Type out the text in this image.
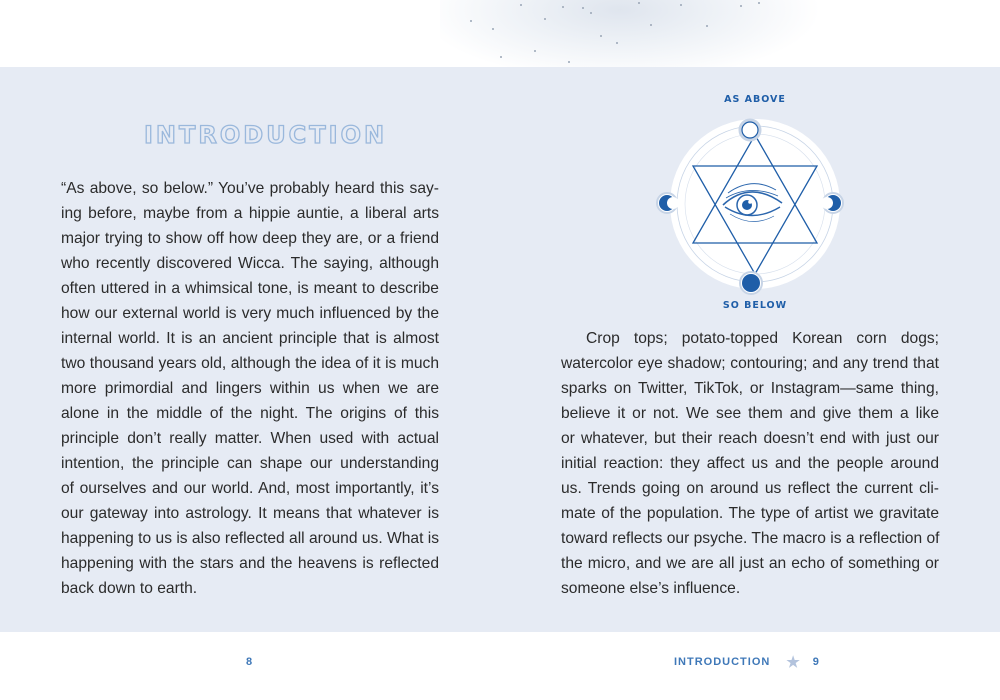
INTRODUCTION
“As above, so below.” You’ve probably heard this say-
ing before, maybe from a hippie auntie, a liberal arts
major trying to show off how deep they are, or a friend
who recently discovered Wicca. The saying, although
often uttered in a whimsical tone, is meant to describe
how our external world is very much influenced by the
internal world. It is an ancient principle that is almost
two thousand years old, although the idea of it is much
more primordial and lingers within us when we are
alone in the middle of the night. The origins of this
principle don’t really matter. When used with actual
intention, the principle can shape our understanding
of ourselves and our world. And, most importantly, it’s
our gateway into astrology. It means that whatever is
happening to us is also reflected all around us. What is
happening with the stars and the heavens is reflected
back down to earth.
8
AS ABOVE
SO BELOW
Crop tops; potato-topped Korean corn dogs;
watercolor eye shadow; contouring; and any trend that
sparks on Twitter, TikTok, or Instagram—same thing,
believe it or not. We see them and give them a like
or whatever, but their reach doesn’t end with just our
initial reaction: they affect us and the people around
us. Trends going on around us reflect the current cli-
mate of the population. The type of artist we gravitate
toward reflects our psyche. The macro is a reflection of
the micro, and we are all just an echo of something or
someone else’s influence.
INTRODUCTION ★ 9
